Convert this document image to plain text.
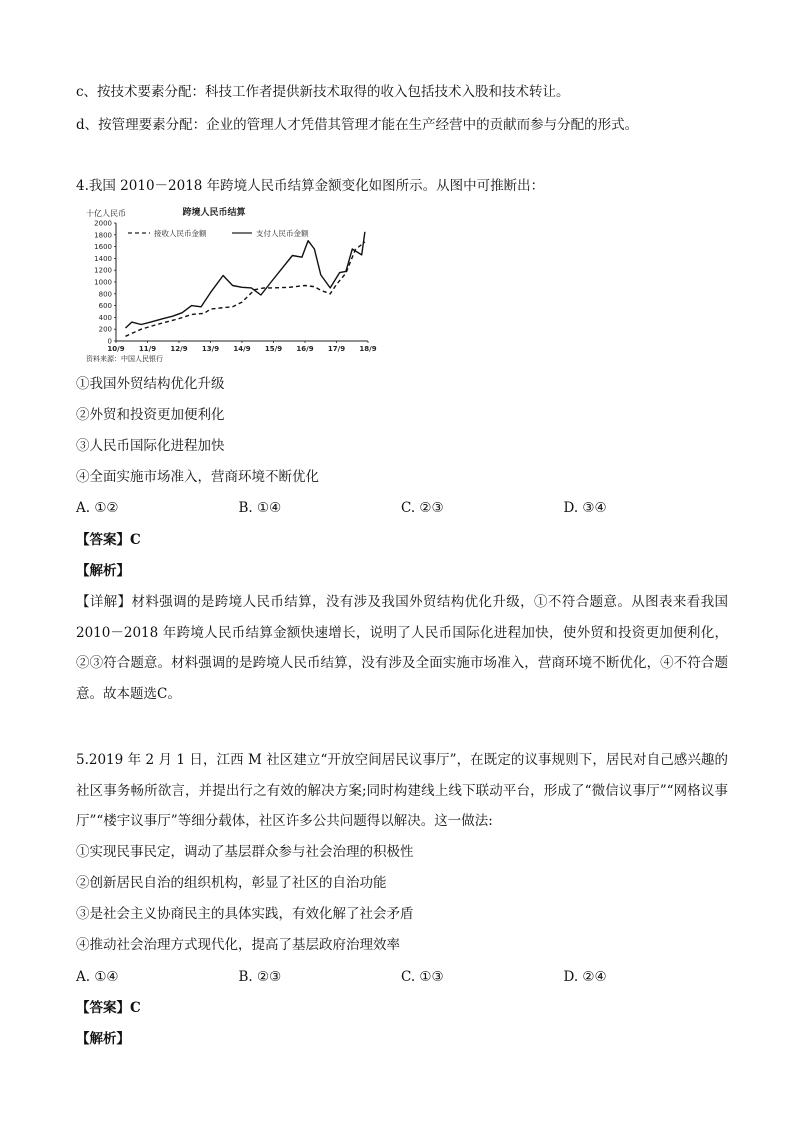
c、按技术要素分配：科技工作者提供新技术取得的收入包括技术入股和技术转让。
d、按管理要素分配：企业的管理人才凭借其管理才能在生产经营中的贡献而参与分配的形式。
4.我国 2010－2018 年跨境人民币结算金额变化如图所示。从图中可推断出：
十亿人民币	跨境人民币结算
接收人民币金额	支付人民币金额
0
200
400
600
800
1000
1200
1400
1600
1800
2000
10/9 11/9 12/9 13/9 14/9 15/9 16/9 17/9 18/9
资料来源：中国人民银行
①我国外贸结构优化升级
②外贸和投资更加便利化
③人民币国际化进程加快
④全面实施市场准入，营商环境不断优化
A. ①②	B. ①④	C. ②③	D. ③④
【答案】C
【解析】
【详解】材料强调的是跨境人民币结算，没有涉及我国外贸结构优化升级，①不符合题意。从图表来看我国 2010－2018 年跨境人民币结算金额快速增长，说明了人民币国际化进程加快，使外贸和投资更加便利化，②③符合题意。材料强调的是跨境人民币结算，没有涉及全面实施市场准入，营商环境不断优化，④不符合题意。故本题选C。
5.2019 年 2 月 1 日，江西 M 社区建立“开放空间居民议事厅”，在既定的议事规则下，居民对自己感兴趣的社区事务畅所欲言，并提出行之有效的解决方案;同时构建线上线下联动平台，形成了“微信议事厅”“网格议事厅”“楼宇议事厅”等细分载体，社区许多公共问题得以解决。这一做法:
①实现民事民定，调动了基层群众参与社会治理的积极性
②创新居民自治的组织机构，彰显了社区的自治功能
③是社会主义协商民主的具体实践，有效化解了社会矛盾
④推动社会治理方式现代化，提高了基层政府治理效率
A. ①④	B. ②③	C. ①③	D. ②④
【答案】C
【解析】
